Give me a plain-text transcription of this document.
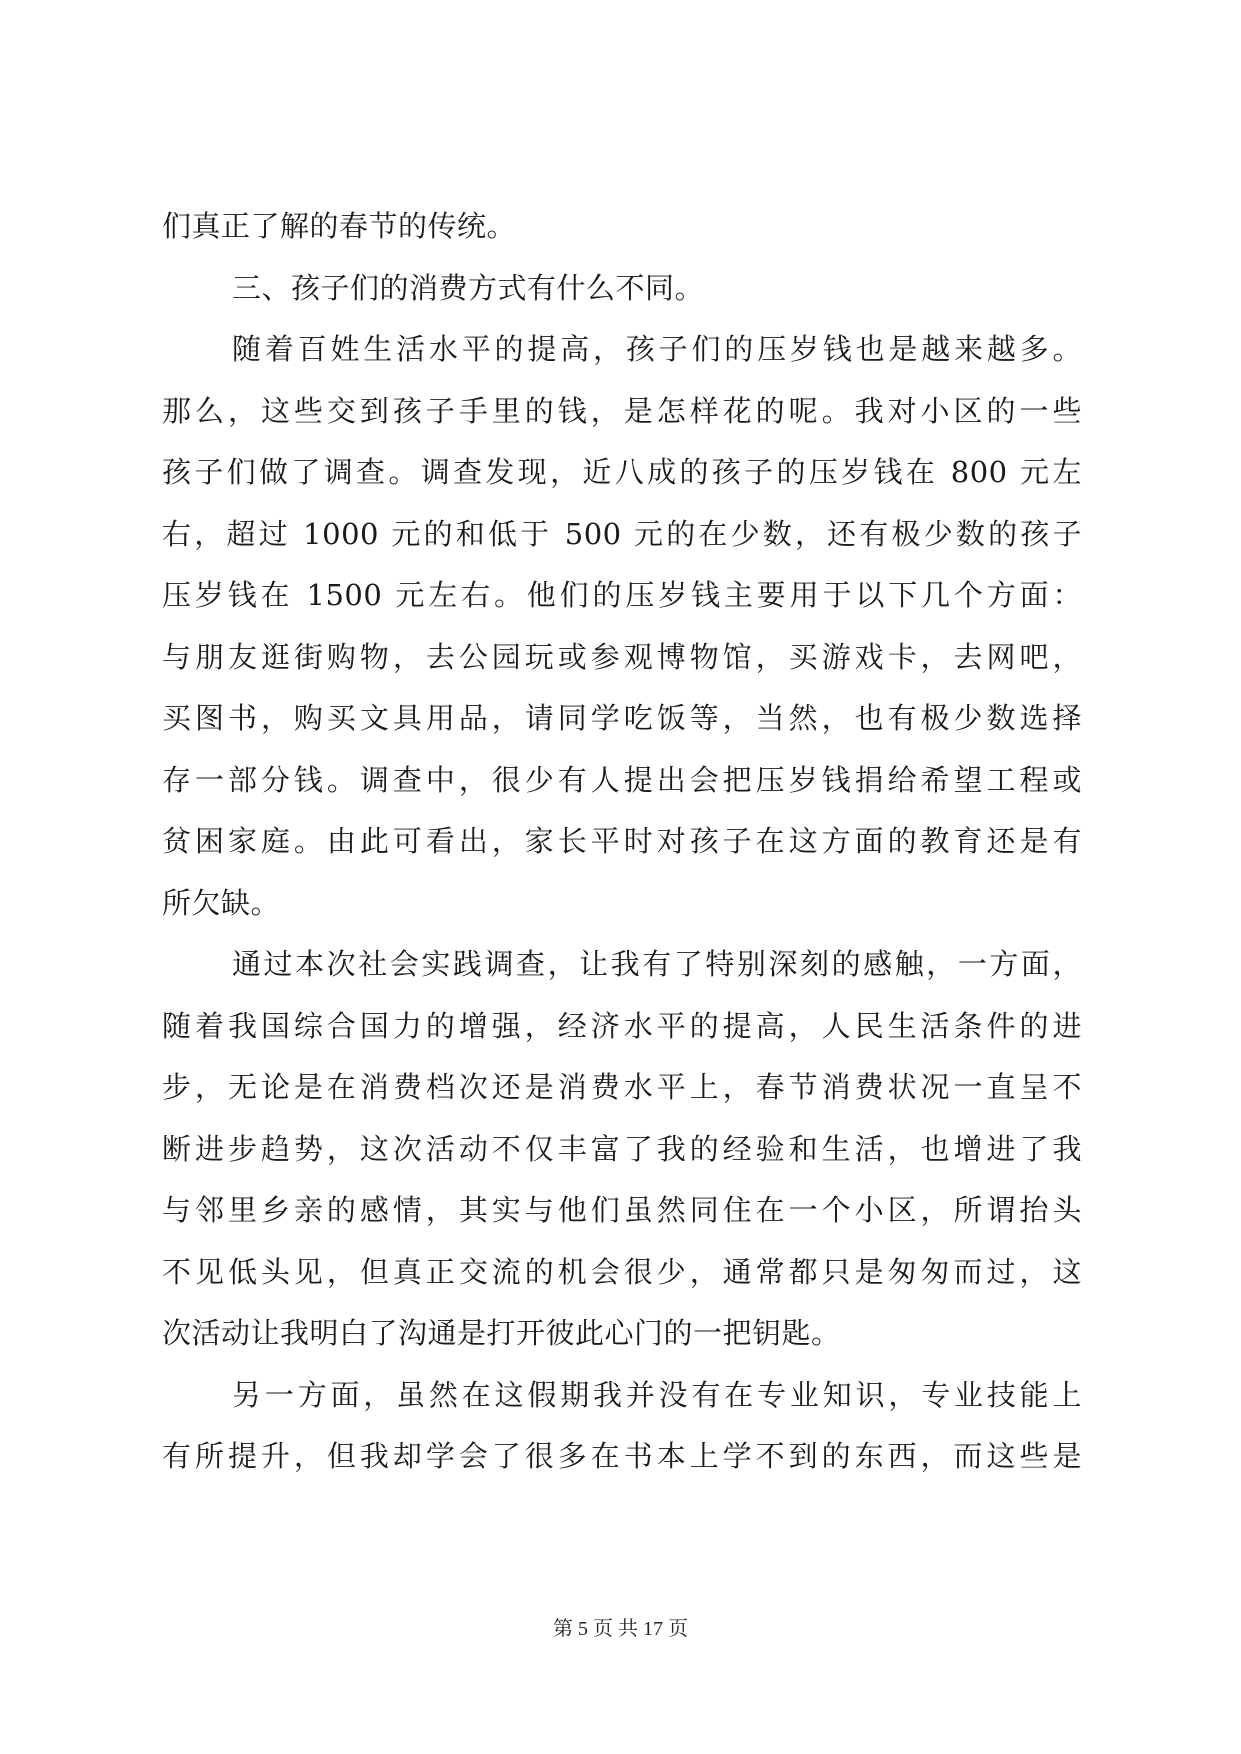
们真正了解的春节的传统。
三、孩子们的消费方式有什么不同。
随着百姓生活水平的提高，孩子们的压岁钱也是越来越多。
那么，这些交到孩子手里的钱，是怎样花的呢。我对小区的一些
孩子们做了调查。调查发现，近八成的孩子的压岁钱在 800 元左
右，超过 1000 元的和低于 500 元的在少数，还有极少数的孩子
压岁钱在 1500 元左右。他们的压岁钱主要用于以下几个方面：
与朋友逛街购物，去公园玩或参观博物馆，买游戏卡，去网吧，
买图书，购买文具用品，请同学吃饭等，当然，也有极少数选择
存一部分钱。调查中，很少有人提出会把压岁钱捐给希望工程或
贫困家庭。由此可看出，家长平时对孩子在这方面的教育还是有
所欠缺。
通过本次社会实践调查，让我有了特别深刻的感触，一方面，
随着我国综合国力的增强，经济水平的提高，人民生活条件的进
步，无论是在消费档次还是消费水平上，春节消费状况一直呈不
断进步趋势，这次活动不仅丰富了我的经验和生活，也增进了我
与邻里乡亲的感情，其实与他们虽然同住在一个小区，所谓抬头
不见低头见，但真正交流的机会很少，通常都只是匆匆而过，这
次活动让我明白了沟通是打开彼此心门的一把钥匙。
另一方面，虽然在这假期我并没有在专业知识，专业技能上
有所提升，但我却学会了很多在书本上学不到的东西，而这些是
第 5 页 共 17 页
